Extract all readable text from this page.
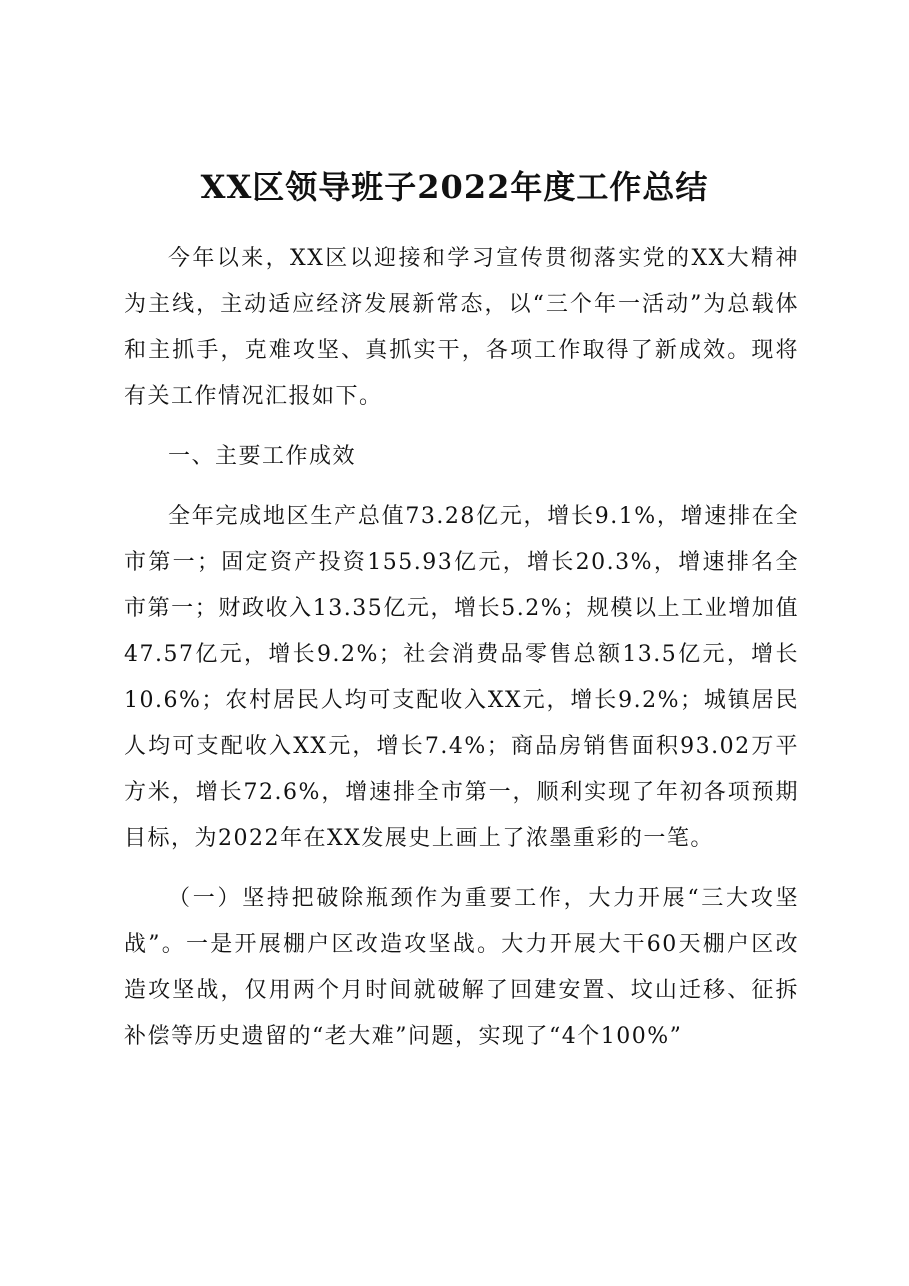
XX区领导班子2022年度工作总结

今年以来，XX区以迎接和学习宣传贯彻落实党的XX大精神为主线，主动适应经济发展新常态，以“三个年一活动”为总载体和主抓手，克难攻坚、真抓实干，各项工作取得了新成效。现将有关工作情况汇报如下。

一、主要工作成效

全年完成地区生产总值73.28亿元，增长9.1%，增速排在全市第一；固定资产投资155.93亿元，增长20.3%，增速排名全市第一；财政收入13.35亿元，增长5.2%；规模以上工业增加值47.57亿元，增长9.2%；社会消费品零售总额13.5亿元，增长10.6%；农村居民人均可支配收入XX元，增长9.2%；城镇居民人均可支配收入XX元，增长7.4%；商品房销售面积93.02万平方米，增长72.6%，增速排全市第一，顺利实现了年初各项预期目标，为2022年在XX发展史上画上了浓墨重彩的一笔。

（一）坚持把破除瓶颈作为重要工作，大力开展“三大攻坚战”。一是开展棚户区改造攻坚战。大力开展大干60天棚户区改造攻坚战，仅用两个月时间就破解了回建安置、坟山迁移、征拆补偿等历史遗留的“老大难”问题，实现了“4个100%”
